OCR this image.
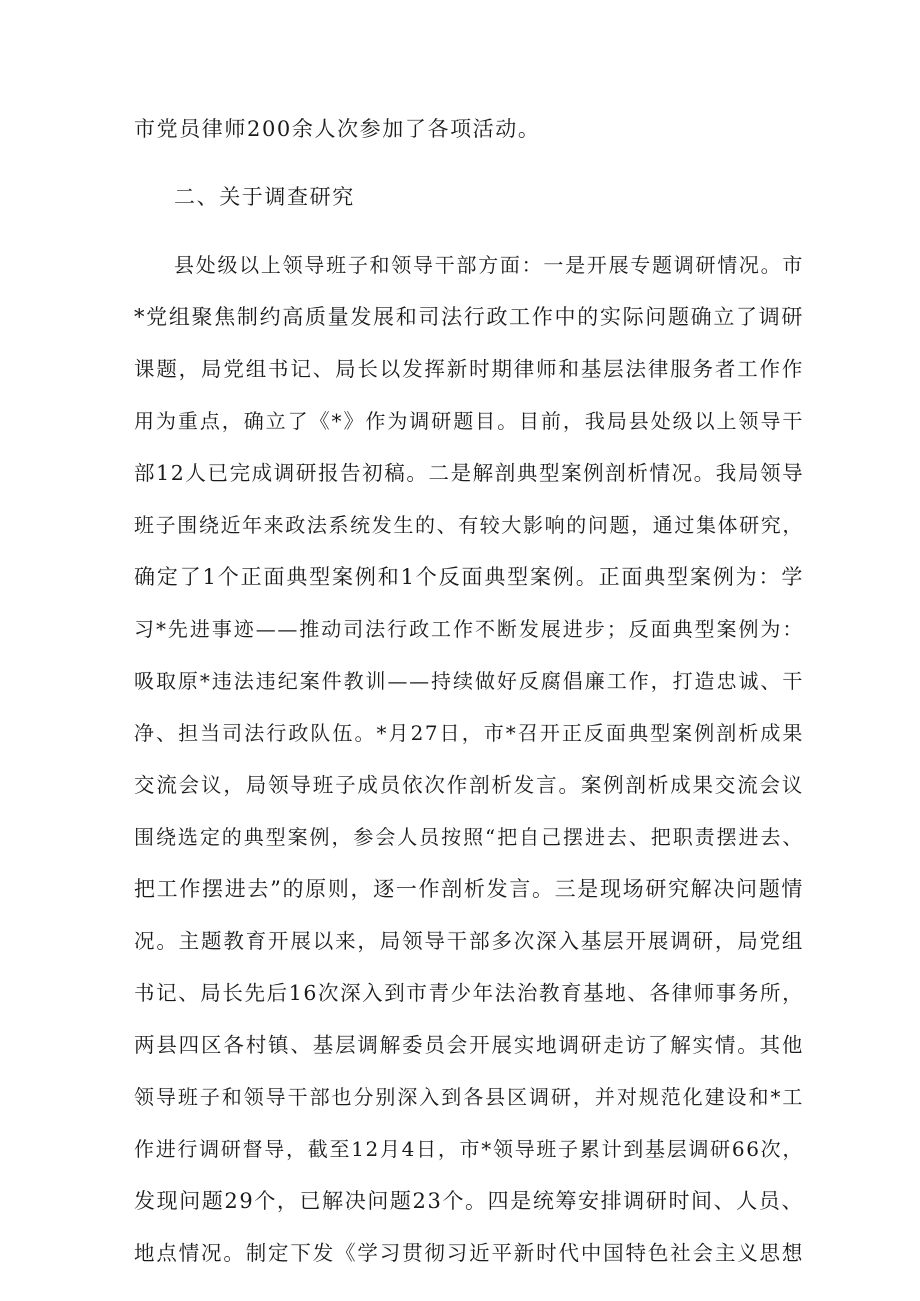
市党员律师200余人次参加了各项活动。
二、关于调查研究
县处级以上领导班子和领导干部方面：一是开展专题调研情况。市
*党组聚焦制约高质量发展和司法行政工作中的实际问题确立了调研
课题，局党组书记、局长以发挥新时期律师和基层法律服务者工作作
用为重点，确立了《*》作为调研题目。目前，我局县处级以上领导干
部12人已完成调研报告初稿。二是解剖典型案例剖析情况。我局领导
班子围绕近年来政法系统发生的、有较大影响的问题，通过集体研究，
确定了1个正面典型案例和1个反面典型案例。正面典型案例为：学
习*先进事迹——推动司法行政工作不断发展进步；反面典型案例为：
吸取原*违法违纪案件教训——持续做好反腐倡廉工作，打造忠诚、干
净、担当司法行政队伍。*月27日，市*召开正反面典型案例剖析成果
交流会议，局领导班子成员依次作剖析发言。案例剖析成果交流会议
围绕选定的典型案例，参会人员按照“把自己摆进去、把职责摆进去、
把工作摆进去”的原则，逐一作剖析发言。三是现场研究解决问题情
况。主题教育开展以来，局领导干部多次深入基层开展调研，局党组
书记、局长先后16次深入到市青少年法治教育基地、各律师事务所，
两县四区各村镇、基层调解委员会开展实地调研走访了解实情。其他
领导班子和领导干部也分别深入到各县区调研，并对规范化建设和*工
作进行调研督导，截至12月4日，市*领导班子累计到基层调研66次，
发现问题29个，已解决问题23个。四是统筹安排调研时间、人员、
地点情况。制定下发《学习贯彻习近平新时代中国特色社会主义思想
